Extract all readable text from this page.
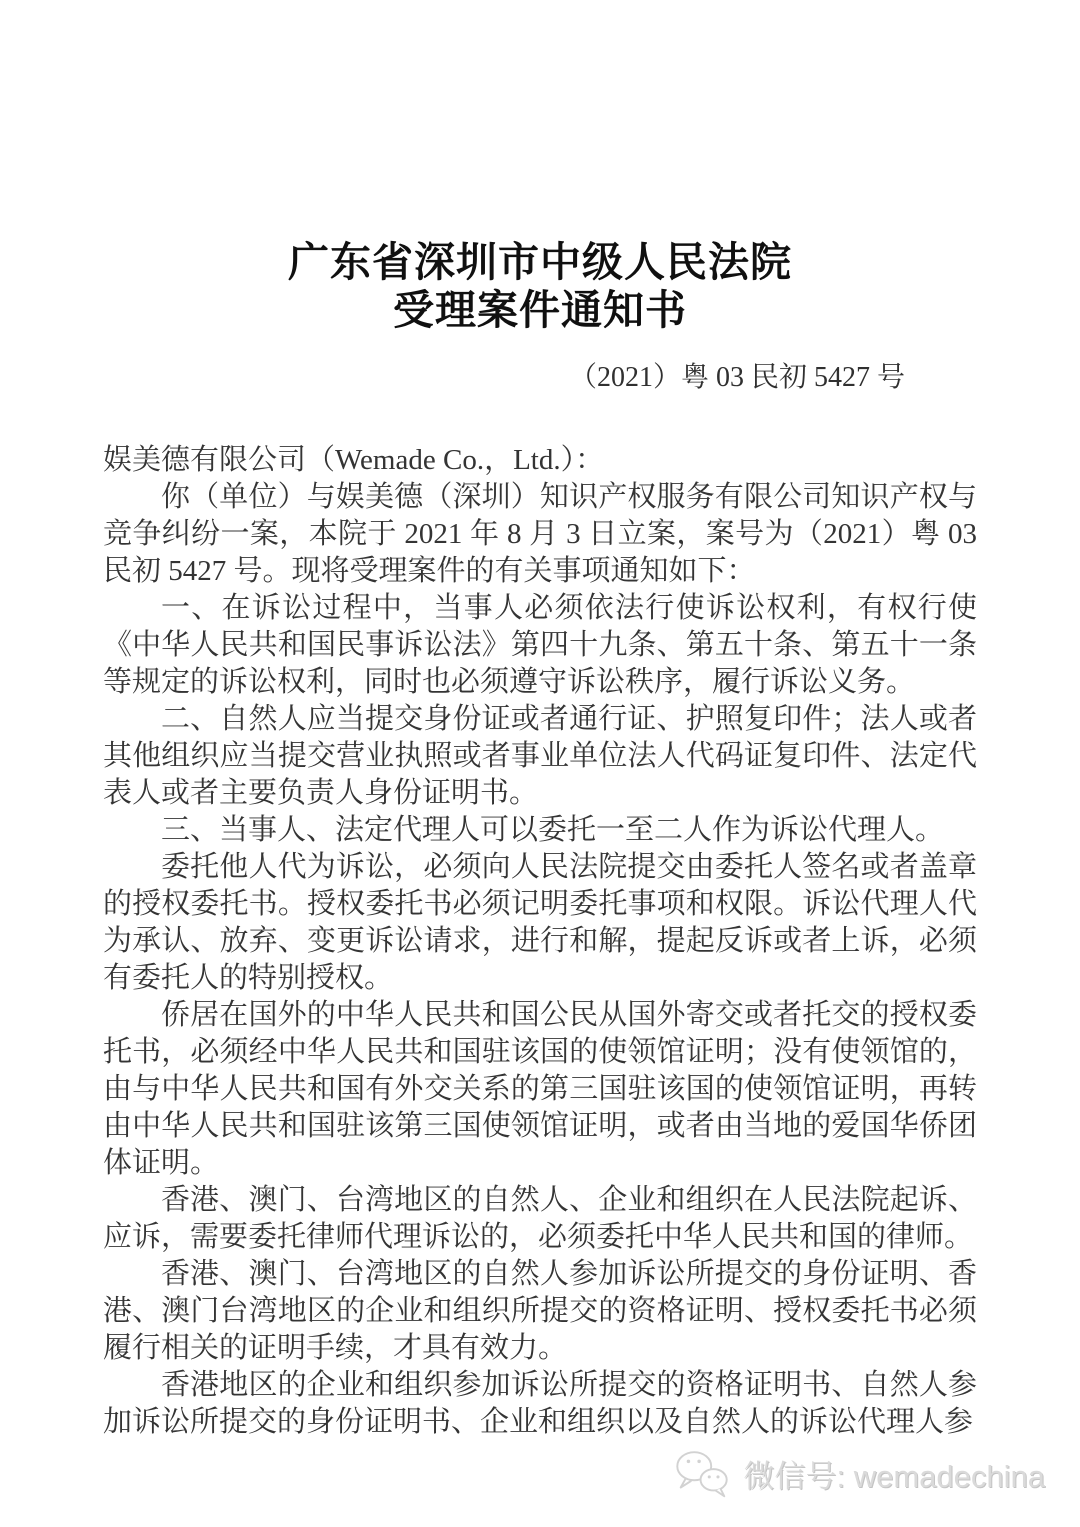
广东省深圳市中级人民法院
受理案件通知书
（2021）粤 03 民初 5427 号

娱美德有限公司（Wemade Co.，Ltd.）：

你（单位）与娱美德（深圳）知识产权服务有限公司知识产权与竞争纠纷一案，本院于 2021 年 8 月 3 日立案，案号为（2021）粤 03 民初 5427 号。现将受理案件的有关事项通知如下：

一、在诉讼过程中，当事人必须依法行使诉讼权利，有权行使《中华人民共和国民事诉讼法》第四十九条、第五十条、第五十一条等规定的诉讼权利，同时也必须遵守诉讼秩序，履行诉讼义务。

二、自然人应当提交身份证或者通行证、护照复印件；法人或者其他组织应当提交营业执照或者事业单位法人代码证复印件、法定代表人或者主要负责人身份证明书。

三、当事人、法定代理人可以委托一至二人作为诉讼代理人。

委托他人代为诉讼，必须向人民法院提交由委托人签名或者盖章的授权委托书。授权委托书必须记明委托事项和权限。诉讼代理人代为承认、放弃、变更诉讼请求，进行和解，提起反诉或者上诉，必须有委托人的特别授权。

侨居在国外的中华人民共和国公民从国外寄交或者托交的授权委托书，必须经中华人民共和国驻该国的使领馆证明；没有使领馆的，由与中华人民共和国有外交关系的第三国驻该国的使领馆证明，再转由中华人民共和国驻该第三国使领馆证明，或者由当地的爱国华侨团体证明。

香港、澳门、台湾地区的自然人、企业和组织在人民法院起诉、应诉，需要委托律师代理诉讼的，必须委托中华人民共和国的律师。

香港、澳门、台湾地区的自然人参加诉讼所提交的身份证明、香港、澳门台湾地区的企业和组织所提交的资格证明、授权委托书必须履行相关的证明手续，才具有效力。

香港地区的企业和组织参加诉讼所提交的资格证明书、自然人参加诉讼所提交的身份证明书、企业和组织以及自然人的诉讼代理人参

微信号: wemadechina
